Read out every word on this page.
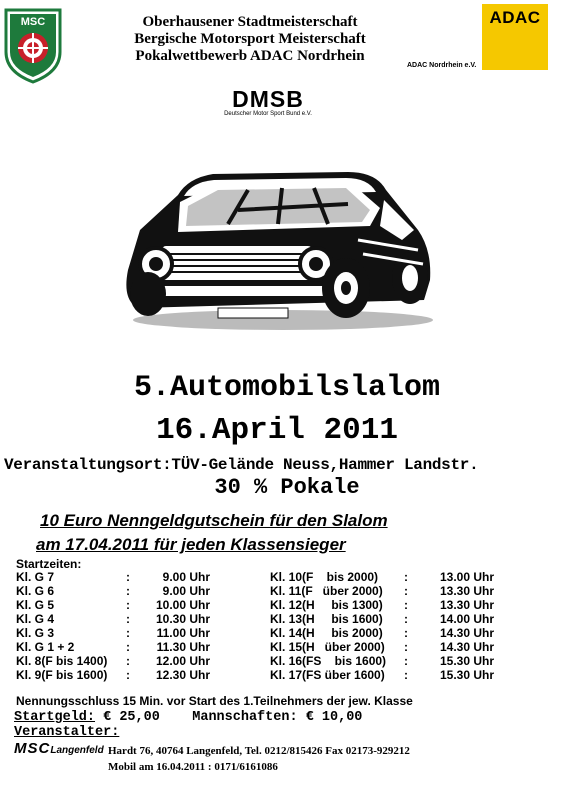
MSC	Oberhausener Stadtmeisterschaft
Bergische Motorsport Meisterschaft
Pokalwettbewerb ADAC Nordrhein
ADAC
ADAC Nordrhein e.V.
DMSB
Deutscher Motor Sport Bund e.V.
5.Automobilslalom
16.April 2011
Veranstaltungsort:TÜV-Gelände Neuss,Hammer Landstr.
30 % Pokale
10 Euro Nenngeldgutschein für den Slalom
am 17.04.2011 für jeden Klassensieger
Startzeiten:
Kl. G 7	:	9.00 Uhr
Kl. G 6	:	9.00 Uhr
Kl. G 5	: 10.00 Uhr
Kl. G 4	: 10.30 Uhr
Kl. G 3	: 11.00 Uhr
Kl. G 1 + 2	: 11.30 Uhr
Kl. 8(F bis 1400) : 12.00 Uhr
Kl. 9(F bis 1600) : 12.30 Uhr
Kl. 10(F    bis 2000) :	13.00 Uhr
Kl. 11(F   über 2000) :	13.30 Uhr
Kl. 12(H     bis 1300) :	13.30 Uhr
Kl. 13(H     bis 1600) :	14.00 Uhr
Kl. 14(H     bis 2000) :	14.30 Uhr
Kl. 15(H   über 2000) :	14.30 Uhr
Kl. 16(FS    bis 1600) :	15.30 Uhr
Kl. 17(FS über 1600) :	15.30 Uhr
Nennungsschluss 15 Min. vor Start des 1.Teilnehmers der jew. Klasse
Startgeld: € 25,00 Mannschaften: € 10,00
Veranstalter:
MSCLangenfeld Hardt 76, 40764 Langenfeld, Tel. 0212/815426 Fax 02173-929212
Mobil am 16.04.2011 : 0171/6161086
